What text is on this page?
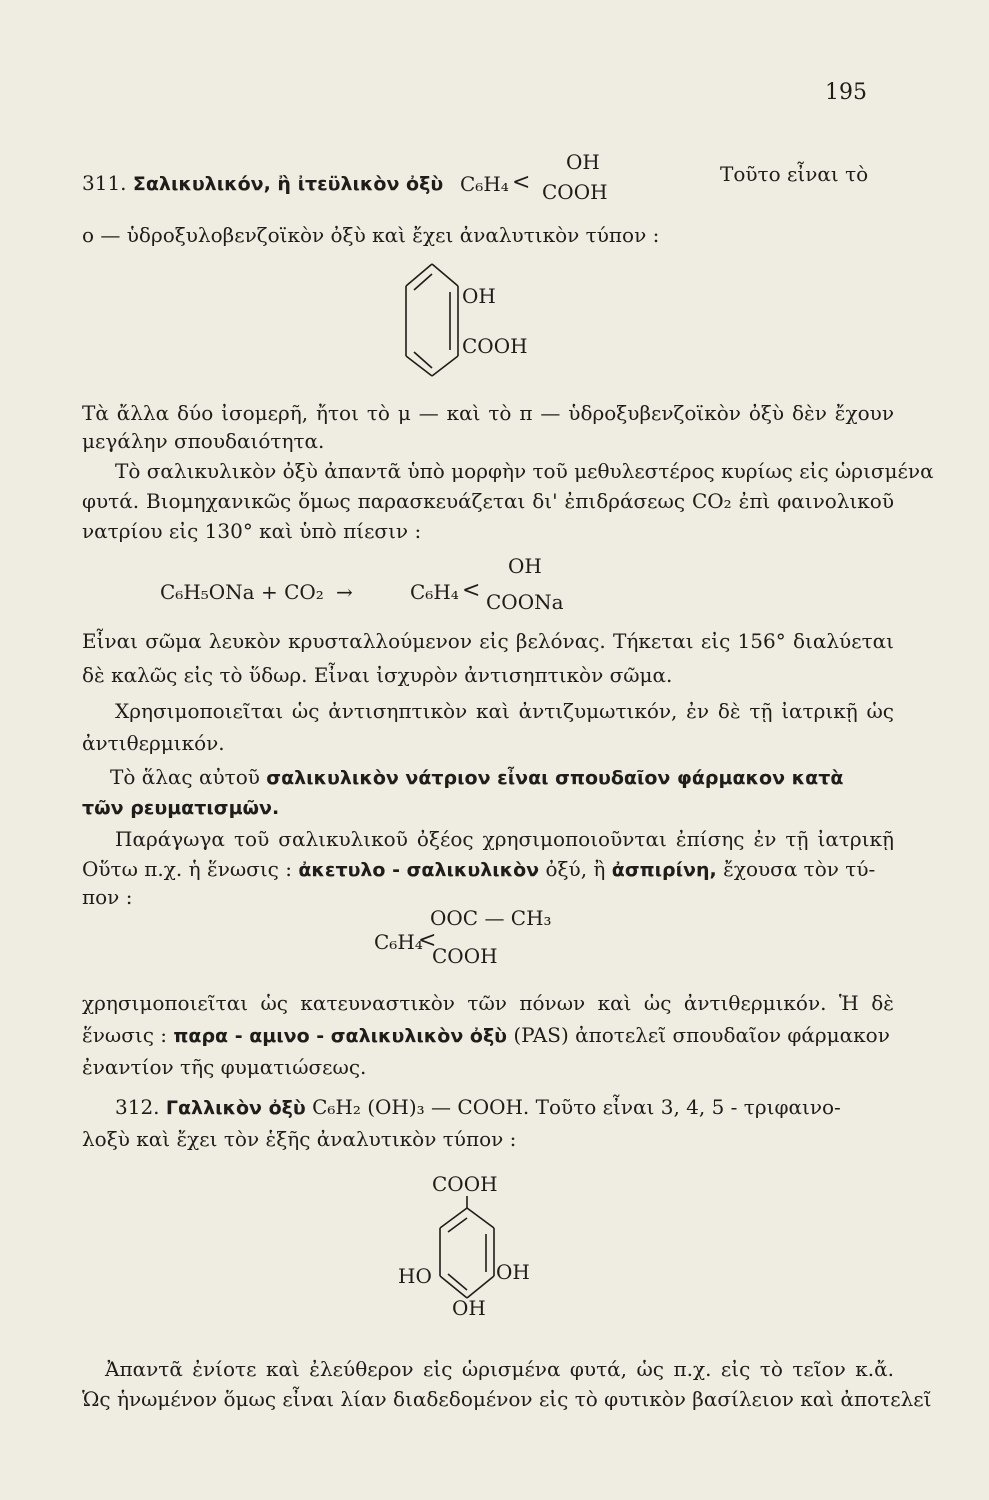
195
311. Σαλικυλικόν, ἢ ἰτεϋλικὸν ὀξὺ C₆H₄ <
OH
COOH
Τοῦτο εἶναι τὸ
o — ὑδροξυλοβενζοϊκὸν ὀξὺ καὶ ἔχει ἀναλυτικὸν τύπον :
OH
COOH
Τὰ ἄλλα δύο ἰσομερῆ, ἤτοι τὸ μ — καὶ τὸ π — ὑδροξυβενζοϊκὸν ὀξὺ δὲν ἔχουν
μεγάλην σπουδαιότητα.
Τὸ σαλικυλικὸν ὀξὺ ἀπαντᾶ ὑπὸ μορφὴν τοῦ μεθυλεστέρος κυρίως εἰς ὡρισμένα
φυτά. Βιομηχανικῶς ὅμως παρασκευάζεται δι' ἐπιδράσεως CO₂ ἐπὶ φαινολικοῦ
νατρίου εἰς 130° καὶ ὑπὸ πίεσιν :
C₆H₅ONa + CO₂ →	C₆H₄ <
OH
COONa
Εἶναι σῶμα λευκὸν κρυσταλλούμενον εἰς βελόνας. Τήκεται εἰς 156° διαλύεται
δὲ καλῶς εἰς τὸ ὕδωρ. Εἶναι ἰσχυρὸν ἀντισηπτικὸν σῶμα.
Χρησιμοποιεῖται ὡς ἀντισηπτικὸν καὶ ἀντιζυμωτικόν, ἐν δὲ τῇ ἰατρικῇ ὡς
ἀντιθερμικόν.
Τὸ ἅλας αὐτοῦ σαλικυλικὸν νάτριον εἶναι σπουδαῖον φάρμακον κατὰ
τῶν ρευματισμῶν.
Παράγωγα τοῦ σαλικυλικοῦ ὀξέος χρησιμοποιοῦνται ἐπίσης ἐν τῇ ἰατρικῇ
Οὕτω π.χ. ἡ ἕνωσις : ἀκετυλο - σαλικυλικὸν ὀξύ, ἢ ἀσπιρίνη, ἔχουσα τὸν τύ-
πον :
C₆H₄
<
OOC — CH₃
COOH
χρησιμοποιεῖται ὡς κατευναστικὸν τῶν πόνων καὶ ὡς ἀντιθερμικόν. Ἡ δὲ
ἕνωσις : παρα - αμινο - σαλικυλικὸν ὀξὺ (PAS) ἀποτελεῖ σπουδαῖον φάρμακον
ἐναντίον τῆς φυματιώσεως.
312. Γαλλικὸν ὀξὺ C₆H₂ (OH)₃ — COOH. Τοῦτο εἶναι 3, 4, 5 - τριφαινο-
λοξὺ καὶ ἔχει τὸν ἑξῆς ἀναλυτικὸν τύπον :
COOH
HO	OH
OH
Ἀπαντᾶ ἐνίοτε καὶ ἐλεύθερον εἰς ὡρισμένα φυτά, ὡς π.χ. εἰς τὸ τεῖον κ.ἄ.
Ὡς ἡνωμένον ὅμως εἶναι λίαν διαδεδομένον εἰς τὸ φυτικὸν βασίλειον καὶ ἀποτελεῖ
